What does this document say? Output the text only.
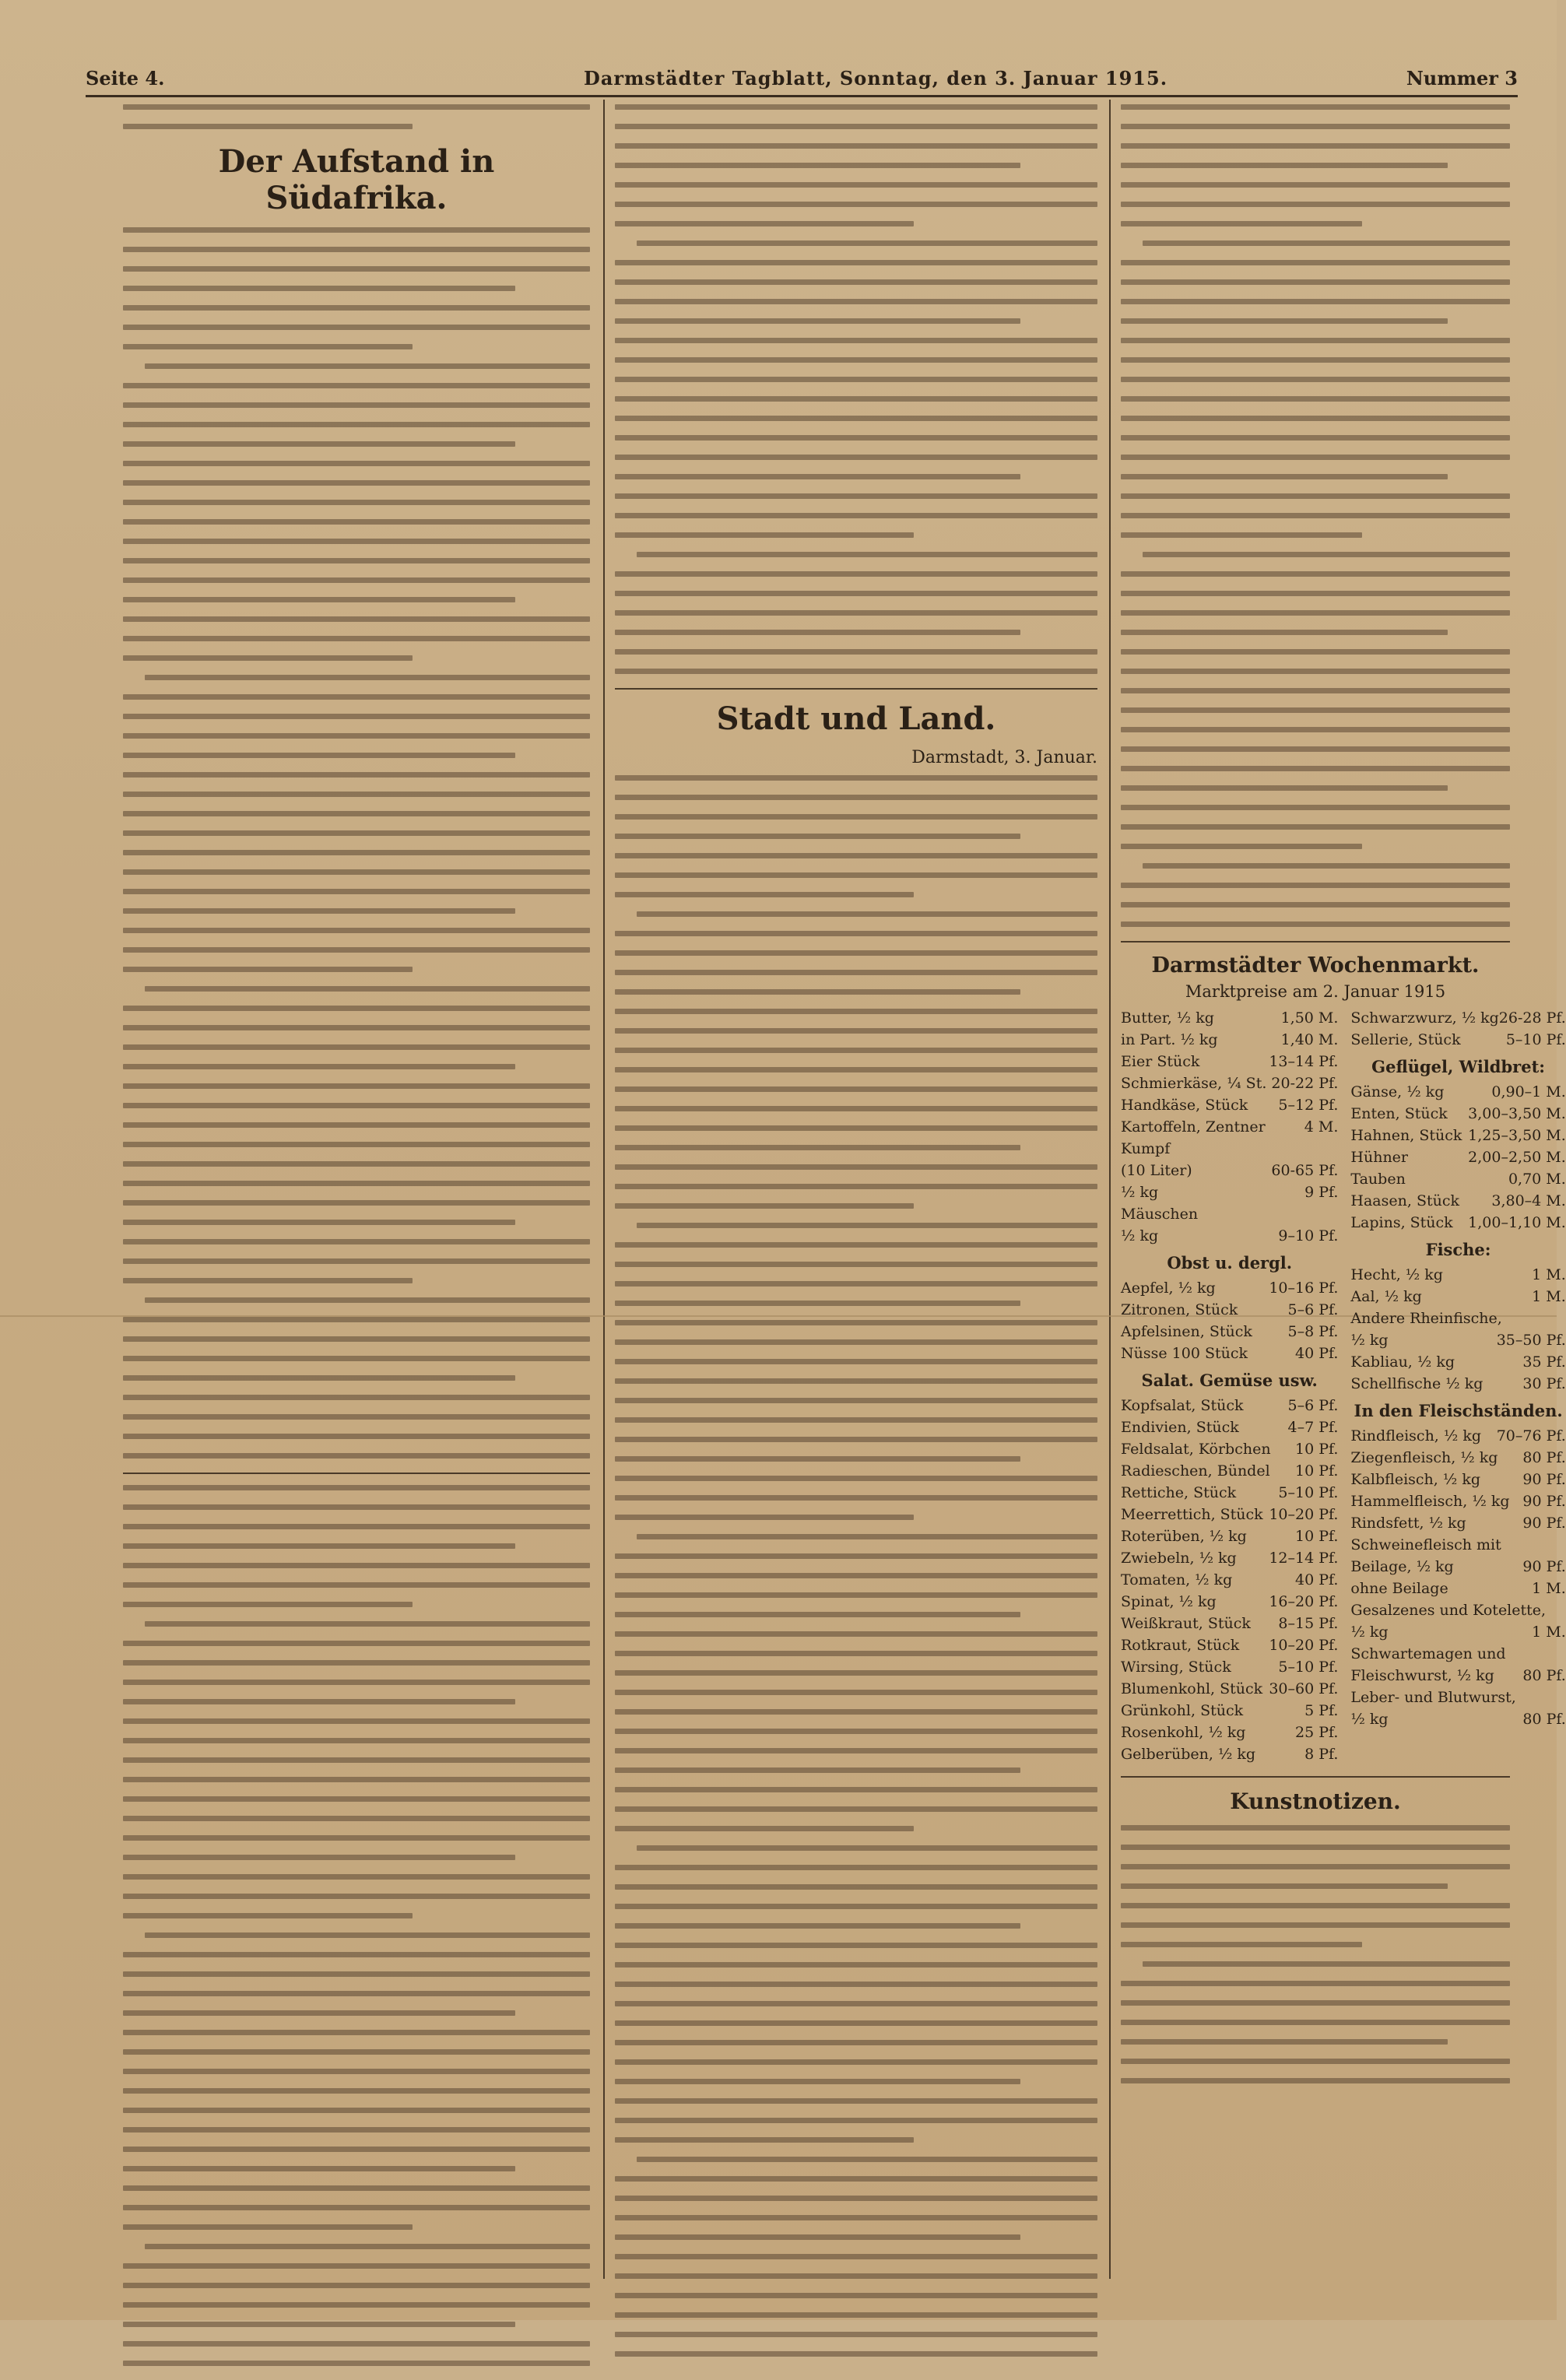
Seite 4.	Darmstädter Tagblatt, Sonntag, den 3. Januar 1915.	Nummer 3
Der Aufstand in Südafrika.
Stadt und Land.
Darmstadt, 3. Januar.
Darmstädter Wochenmarkt.
Marktpreise am 2. Januar 1915
Butter, ½ kg	1,50 M.
in Part. ½ kg	1,40 M.
Eier Stück	13–14 Pf.
Schmierkäse, ¼ St. 20-22 Pf.
Handkäse, Stück 5–12 Pf.
Kartoffeln, Zentner	4 M.
Kumpf
(10 Liter)	60-65 Pf.
½ kg	9 Pf.
Mäuschen
½ kg	9–10 Pf.
Obst u. dergl.
Aepfel, ½ kg	10–16 Pf.
Zitronen, Stück	5–6 Pf.
Apfelsinen, Stück 5–8 Pf.
Nüsse 100 Stück	40 Pf.
Salat. Gemüse usw.
Kopfsalat, Stück	5–6 Pf.
Endivien, Stück	4–7 Pf.
Feldsalat, Körbchen 10 Pf.
Radieschen, Bündel 10 Pf.
Rettiche, Stück	5–10 Pf.
Meerrettich, Stück 10–20 Pf.
Roterüben, ½ kg	10 Pf.
Zwiebeln, ½ kg 12–14 Pf.
Tomaten, ½ kg	40 Pf.
Spinat, ½ kg	16–20 Pf.
Weißkraut, Stück 8–15 Pf.
Rotkraut, Stück 10–20 Pf.
Wirsing, Stück	5–10 Pf.
Blumenkohl, Stück 30–60 Pf.
Grünkohl, Stück	5 Pf.
Rosenkohl, ½ kg	25 Pf.
Gelberüben, ½ kg	8 Pf.
Schwarzwurz, ½ kg 26-28 Pf.
Sellerie, Stück	5–10 Pf.
Geflügel, Wildbret:
Gänse, ½ kg	0,90–1 M.
Enten, Stück 3,00–3,50 M.
Hahnen, Stück 1,25–3,50 M.
Hühner	2,00–2,50 M.
Tauben	0,70 M.
Haasen, Stück 3,80–4 M.
Lapins, Stück 1,00–1,10 M.
Fische:
Hecht, ½ kg	1 M.
Aal, ½ kg	1 M.
Andere Rheinfische,
½ kg	35–50 Pf.
Kabliau, ½ kg	35 Pf.
Schellfische ½ kg	30 Pf.
In den Fleischständen.
Rindfleisch, ½ kg 70–76 Pf.
Ziegenfleisch, ½ kg 80 Pf.
Kalbfleisch, ½ kg	90 Pf.
Hammelfleisch, ½ kg 90 Pf.
Rindsfett, ½ kg	90 Pf.
Schweinefleisch mit
Beilage, ½ kg	90 Pf.
ohne Beilage	1 M.
Gesalzenes und Kotelette,
½ kg	1 M.
Schwartemagen und
Fleischwurst, ½ kg 80 Pf.
Leber- und Blutwurst,
½ kg	80 Pf.
Kunstnotizen.
